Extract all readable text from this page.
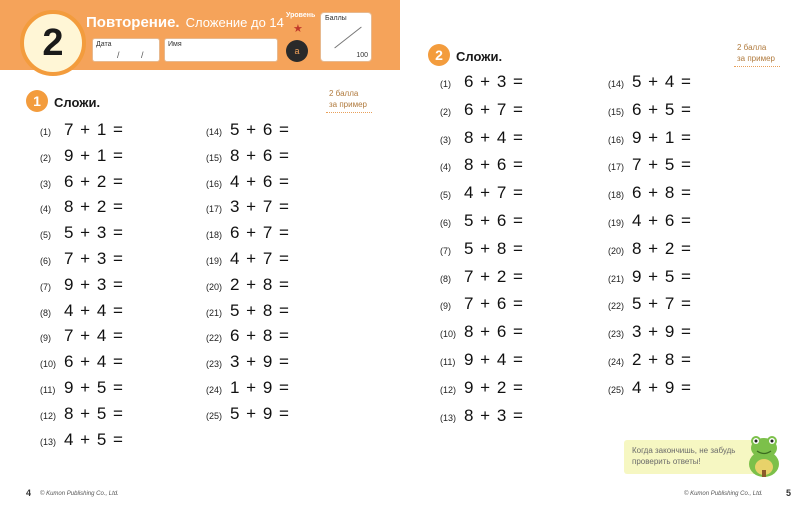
2 Повторение. Сложение до 14
Дата
/ /
Имя
Уровень
★
a
Баллы
100
1	Сложи.
2 балла
за пример
(1) 7 + 1 =
(2) 9 + 1 =
(3) 6 + 2 =
(4) 8 + 2 =
(5) 5 + 3 =
(6) 7 + 3 =
(7) 9 + 3 =
(8) 4 + 4 =
(9) 7 + 4 =
(10) 6 + 4 =
(11) 9 + 5 =
(12) 8 + 5 =
(13) 4 + 5 =
(14) 5 + 6 =
(15) 8 + 6 =
(16) 4 + 6 =
(17) 3 + 7 =
(18) 6 + 7 =
(19) 4 + 7 =
(20) 2 + 8 =
(21) 5 + 8 =
(22) 6 + 8 =
(23) 3 + 9 =
(24) 1 + 9 =
(25) 5 + 9 =
4 © Kumon Publishing Co., Ltd.
2	Сложи.
2 балла
за пример
(1) 6 + 3 =
(2) 6 + 7 =
(3) 8 + 4 =
(4) 8 + 6 =
(5) 4 + 7 =
(6) 5 + 6 =
(7) 5 + 8 =
(8) 7 + 2 =
(9) 7 + 6 =
(10) 8 + 6 =
(11) 9 + 4 =
(12) 9 + 2 =
(13) 8 + 3 =
(14) 5 + 4 =
(15) 6 + 5 =
(16) 9 + 1 =
(17) 7 + 5 =
(18) 6 + 8 =
(19) 4 + 6 =
(20) 8 + 2 =
(21) 9 + 5 =
(22) 5 + 7 =
(23) 3 + 9 =
(24) 2 + 8 =
(25) 4 + 9 =
© Kumon Publishing Co., Ltd.	5
Когда закончишь, не забудь
проверить ответы!
